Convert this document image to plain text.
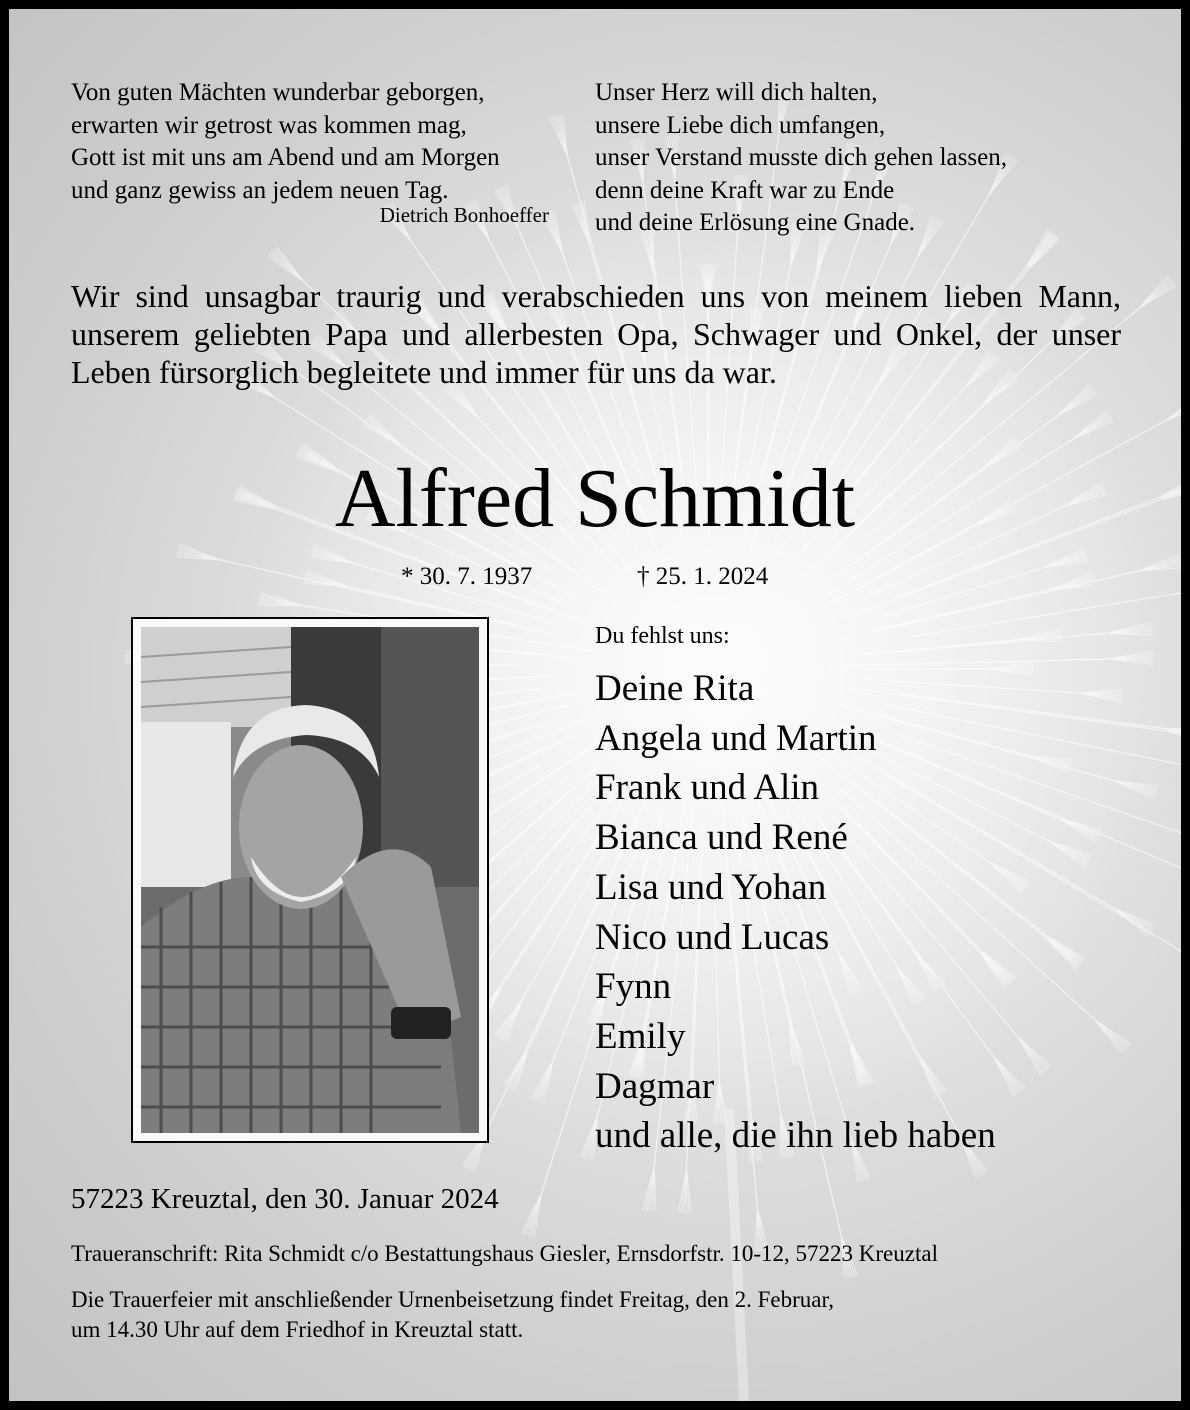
Von guten Mächten wunderbar geborgen,
erwarten wir getrost was kommen mag,
Gott ist mit uns am Abend und am Morgen
und ganz gewiss an jedem neuen Tag.
Dietrich Bonhoeffer
Unser Herz will dich halten,
unsere Liebe dich umfangen,
unser Verstand musste dich gehen lassen,
denn deine Kraft war zu Ende
und deine Erlösung eine Gnade.

Wir sind unsagbar traurig und verabschieden uns von meinem lieben Mann, unserem geliebten Papa und allerbesten Opa, Schwager und Onkel, der unser Leben fürsorglich begleitete und immer für uns da war.

Alfred Schmidt
* 30. 7. 1937	† 25. 1. 2024
Du fehlst uns:
Deine Rita
Angela und Martin
Frank und Alin
Bianca und René
Lisa und Yohan
Nico und Lucas
Fynn
Emily
Dagmar
und alle, die ihn lieb haben
57223 Kreuztal, den 30. Januar 2024
Traueranschrift: Rita Schmidt c/o Bestattungshaus Giesler, Ernsdorfstr. 10-12, 57223 Kreuztal
Die Trauerfeier mit anschließender Urnenbeisetzung findet Freitag, den 2. Februar,
um 14.30 Uhr auf dem Friedhof in Kreuztal statt.
